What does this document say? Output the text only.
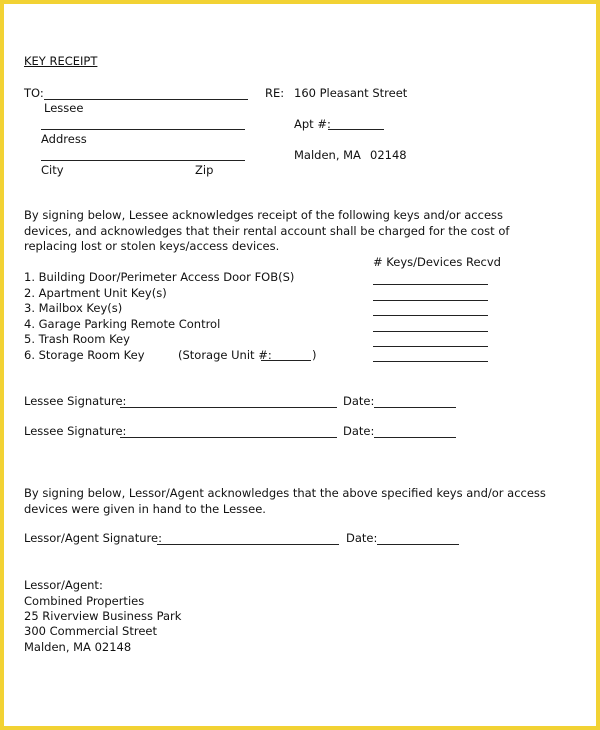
KEY RECEIPT
TO:
Lessee
Address
City	Zip
RE: 160 Pleasant Street
Apt #:
Malden, MA 02148
By signing below, Lessee acknowledges receipt of the following keys and/or access devices, and acknowledges that their rental account shall be charged for the cost of replacing lost or stolen keys/access devices.
# Keys/Devices Recvd
1. Building Door/Perimeter Access Door FOB(S)
2. Apartment Unit Key(s)
3. Mailbox Key(s)
4. Garage Parking Remote Control
5. Trash Room Key
6. Storage Room Key	(Storage Unit #:	)
Lessee Signature:	Date:
Lessee Signature:	Date:
By signing below, Lessor/Agent acknowledges that the above specified keys and/or access devices were given in hand to the Lessee.
Lessor/Agent Signature:	Date:
Lessor/Agent:
Combined Properties
25 Riverview Business Park
300 Commercial Street
Malden, MA 02148
